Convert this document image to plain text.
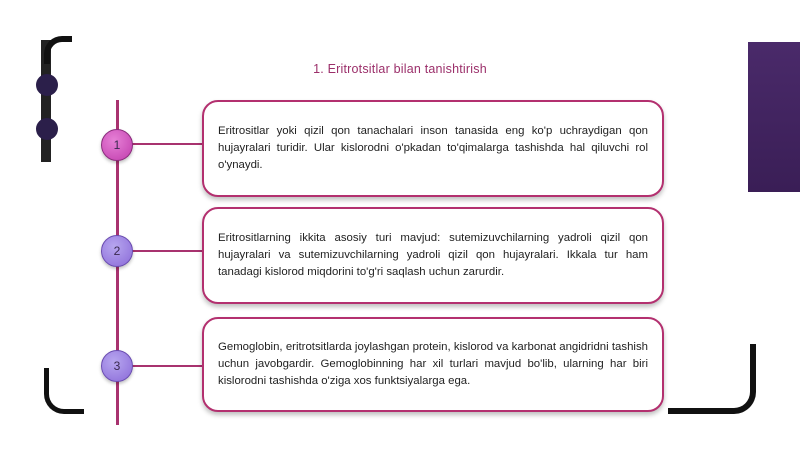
1. Eritrotsitlar bilan tanishtirish
1
2
3

Eritrositlar yoki qizil qon tanachalari inson tanasida eng ko'p uchraydigan qon hujayralari turidir. Ular kislorodni o'pkadan to'qimalarga tashishda hal qiluvchi rol o'ynaydi.

Eritrositlarning ikkita asosiy turi mavjud: sutemizuvchilarning yadroli qizil qon hujayralari va sutemizuvchilarning yadroli qizil qon hujayralari. Ikkala tur ham tanadagi kislorod miqdorini to'g'ri saqlash uchun zarurdir.

Gemoglobin, eritrotsitlarda joylashgan protein, kislorod va karbonat angidridni tashish uchun javobgardir. Gemoglobinning har xil turlari mavjud bo'lib, ularning har biri kislorodni tashishda o'ziga xos funktsiyalarga ega.
